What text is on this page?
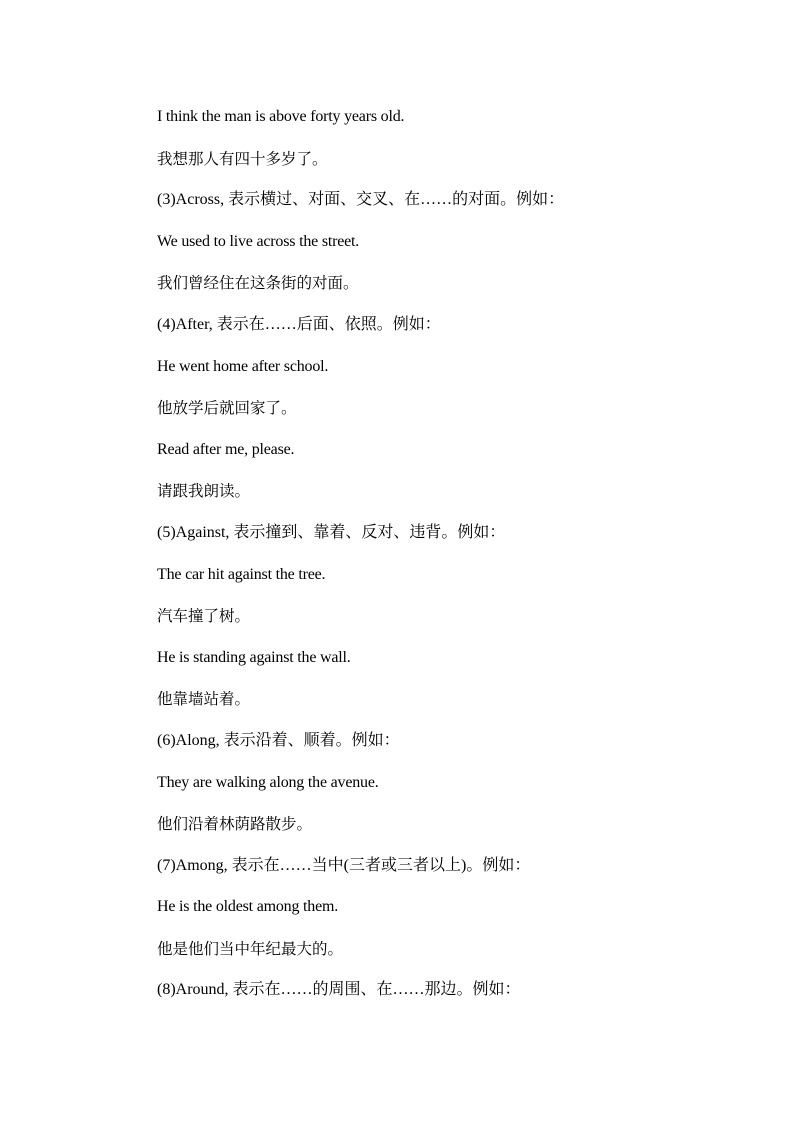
I think the man is above forty years old.
我想那人有四十多岁了。
(3)Across, 表示横过、对面、交叉、在……的对面。例如：
We used to live across the street.
我们曾经住在这条街的对面。
(4)After, 表示在……后面、依照。例如：
He went home after school.
他放学后就回家了。
Read after me, please.
请跟我朗读。
(5)Against, 表示撞到、靠着、反对、违背。例如：
The car hit against the tree.
汽车撞了树。
He is standing against the wall.
他靠墙站着。
(6)Along, 表示沿着、顺着。例如：
They are walking along the avenue.
他们沿着林荫路散步。
(7)Among, 表示在……当中(三者或三者以上)。例如：
He is the oldest among them.
他是他们当中年纪最大的。
(8)Around, 表示在……的周围、在……那边。例如：
